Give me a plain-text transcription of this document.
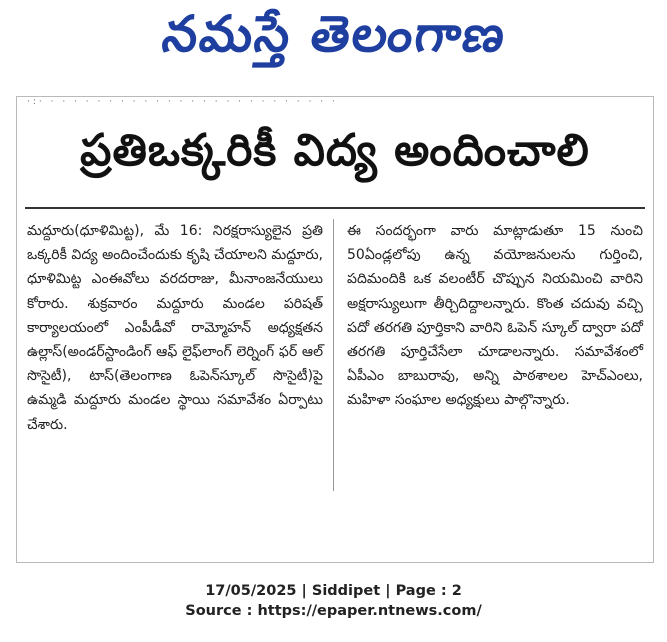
నమస్తే తెలంగాణ
·:· · · · · · · · · · · · · · · · · · · · · · · · · ·
ప్రతిఒక్కరికీ విద్య అందించాలి
మద్దూరు(ధూళిమిట్ట), మే 16: నిరక్షరాస్యులైన ప్రతి ఒక్కరికీ విద్య అందించేందుకు కృషి చేయాలని మద్దూరు, ధూళిమిట్ట ఎంఈవోలు వరదరాజు, మీనాంజనేయులు కోరారు. శుక్రవారం మద్దూరు మండల పరిషత్ కార్యాలయంలో ఎంపీడీవో రామ్మోహన్ అధ్యక్షతన ఉల్లాస్(అండర్‌స్టాండింగ్ ఆఫ్ లైఫ్‌లాంగ్ లెర్నింగ్ ఫర్ ఆల్ సొసైటీ), టాస్(తెలంగాణ ఓపెన్‌స్కూల్ సొసైటీ)పై ఉమ్మడి మద్దూరు మండల స్థాయి సమావేశం ఏర్పాటు చేశారు.
ఈ సందర్భంగా వారు మాట్లాడుతూ 15 నుంచి 50ఏండ్లలోపు ఉన్న వయోజనులను గుర్తించి, పదిమందికి ఒక వలంటీర్ చొప్పున నియమించి వారిని అక్షరాస్యులుగా తీర్చిదిద్దాలన్నారు. కొంత చదువు వచ్చి పదో తరగతి పూర్తికాని వారిని ఓపెన్ స్కూల్ ద్వారా పదో తరగతి పూర్తిచేసేలా చూడాలన్నారు. సమావేశంలో ఏపీఎం బాబురావు, అన్ని పాఠశాలల హెచ్ఎంలు, మహిళా సంఘాల అధ్యక్షులు పాల్గొన్నారు.
17/05/2025 | Siddipet | Page : 2
Source : https://epaper.ntnews.com/
